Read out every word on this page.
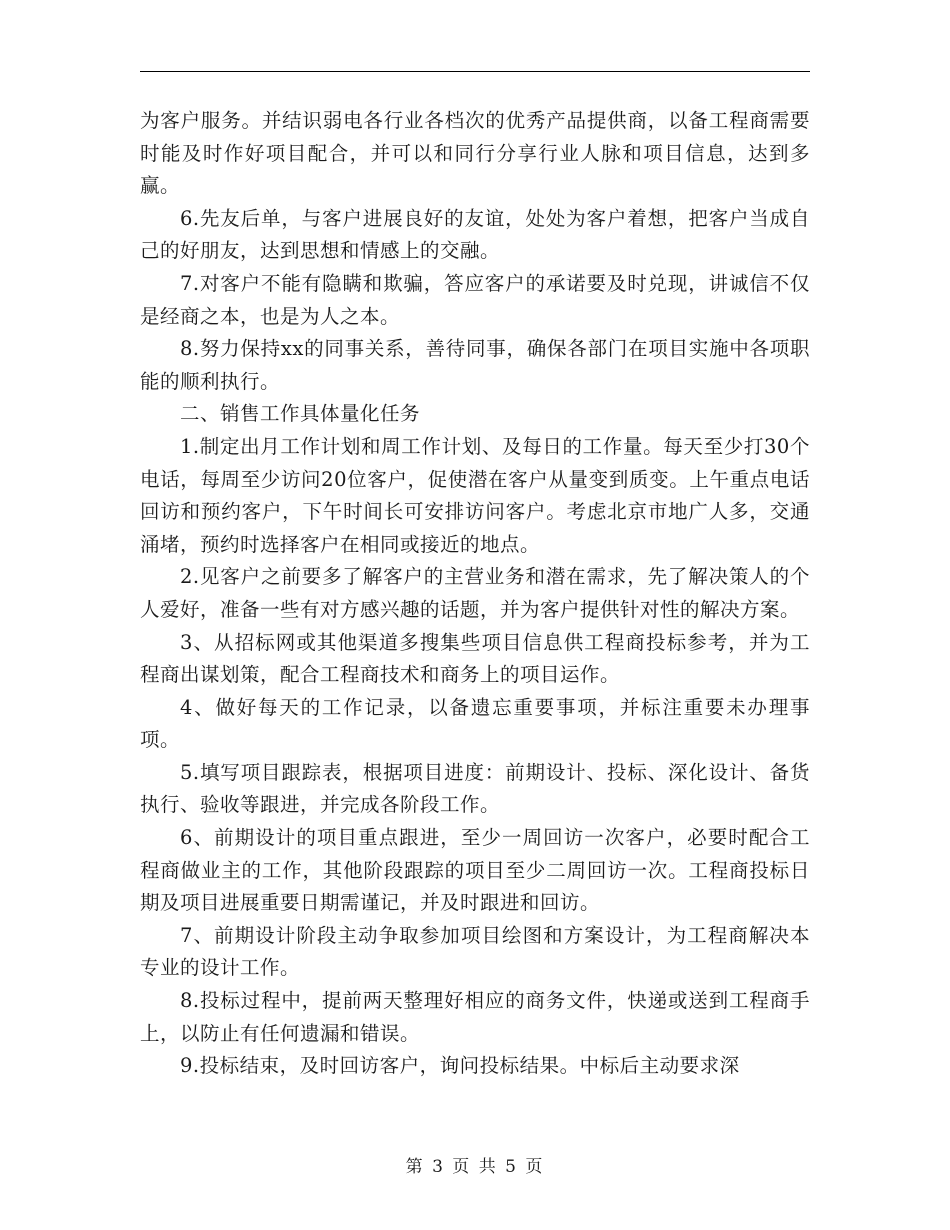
为客户服务。并结识弱电各行业各档次的优秀产品提供商，以备工程商需要时能及时作好项目配合，并可以和同行分享行业人脉和项目信息，达到多赢。

6.先友后单，与客户进展良好的友谊，处处为客户着想，把客户当成自己的好朋友，达到思想和情感上的交融。

7.对客户不能有隐瞒和欺骗，答应客户的承诺要及时兑现，讲诚信不仅是经商之本，也是为人之本。

8.努力保持xx的同事关系，善待同事，确保各部门在项目实施中各项职能的顺利执行。

二、销售工作具体量化任务

1.制定出月工作计划和周工作计划、及每日的工作量。每天至少打30个电话，每周至少访问20位客户，促使潜在客户从量变到质变。上午重点电话回访和预约客户，下午时间长可安排访问客户。考虑北京市地广人多，交通涌堵，预约时选择客户在相同或接近的地点。

2.见客户之前要多了解客户的主营业务和潜在需求，先了解决策人的个人爱好，准备一些有对方感兴趣的话题，并为客户提供针对性的解决方案。

3、从招标网或其他渠道多搜集些项目信息供工程商投标参考，并为工程商出谋划策，配合工程商技术和商务上的项目运作。

4、做好每天的工作记录，以备遗忘重要事项，并标注重要未办理事项。

5.填写项目跟踪表，根据项目进度：前期设计、投标、深化设计、备货执行、验收等跟进，并完成各阶段工作。

6、前期设计的项目重点跟进，至少一周回访一次客户，必要时配合工程商做业主的工作，其他阶段跟踪的项目至少二周回访一次。工程商投标日期及项目进展重要日期需谨记，并及时跟进和回访。

7、前期设计阶段主动争取参加项目绘图和方案设计，为工程商解决本专业的设计工作。

8.投标过程中，提前两天整理好相应的商务文件，快递或送到工程商手上，以防止有任何遗漏和错误。

9.投标结束，及时回访客户，询问投标结果。中标后主动要求深

第 3 页 共 5 页
